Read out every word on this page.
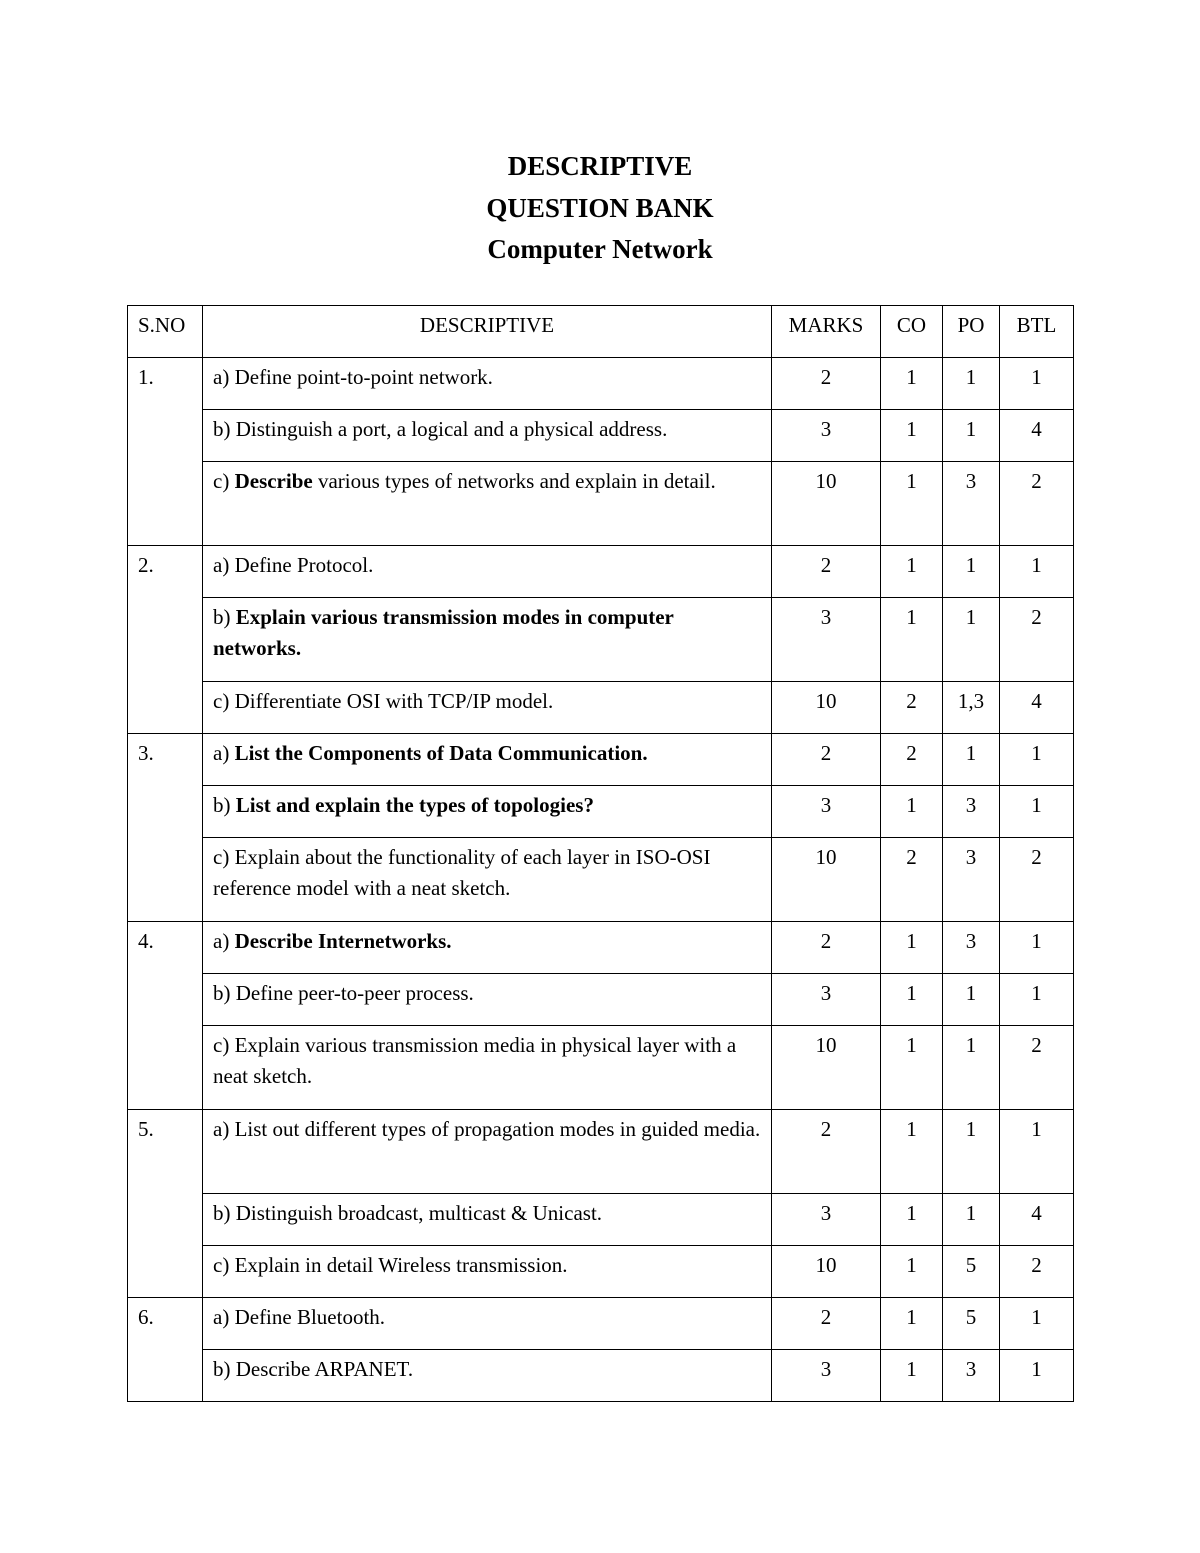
DESCRIPTIVE
QUESTION BANK
Computer Network
S.NO	DESCRIPTIVE	MARKS	CO	PO	BTL
1.	a) Define point-to-point network.	2	1	1	1
	b) Distinguish a port, a logical and a physical address.	3	1	1	4
	c) Describe various types of networks and explain in detail.	10	1	3	2
2.	a) Define Protocol.	2	1	1	1
	b) Explain various transmission modes in computer networks.	3	1	1	2
	c) Differentiate OSI with TCP/IP model.	10	2	1,3	4
3.	a) List the Components of Data Communication.	2	2	1	1
	b) List and explain the types of topologies?	3	1	3	1
	c) Explain about the functionality of each layer in ISO-OSI reference model with a neat sketch.	10	2	3	2
4.	a) Describe Internetworks.	2	1	3	1
	b) Define peer-to-peer process.	3	1	1	1
	c) Explain various transmission media in physical layer with a neat sketch.	10	1	1	2
5.	a) List out different types of propagation modes in guided media.	2	1	1	1
	b) Distinguish broadcast, multicast & Unicast.	3	1	1	4
	c) Explain in detail Wireless transmission.	10	1	5	2
6.	a) Define Bluetooth.	2	1	5	1
	b) Describe ARPANET.	3	1	3	1
